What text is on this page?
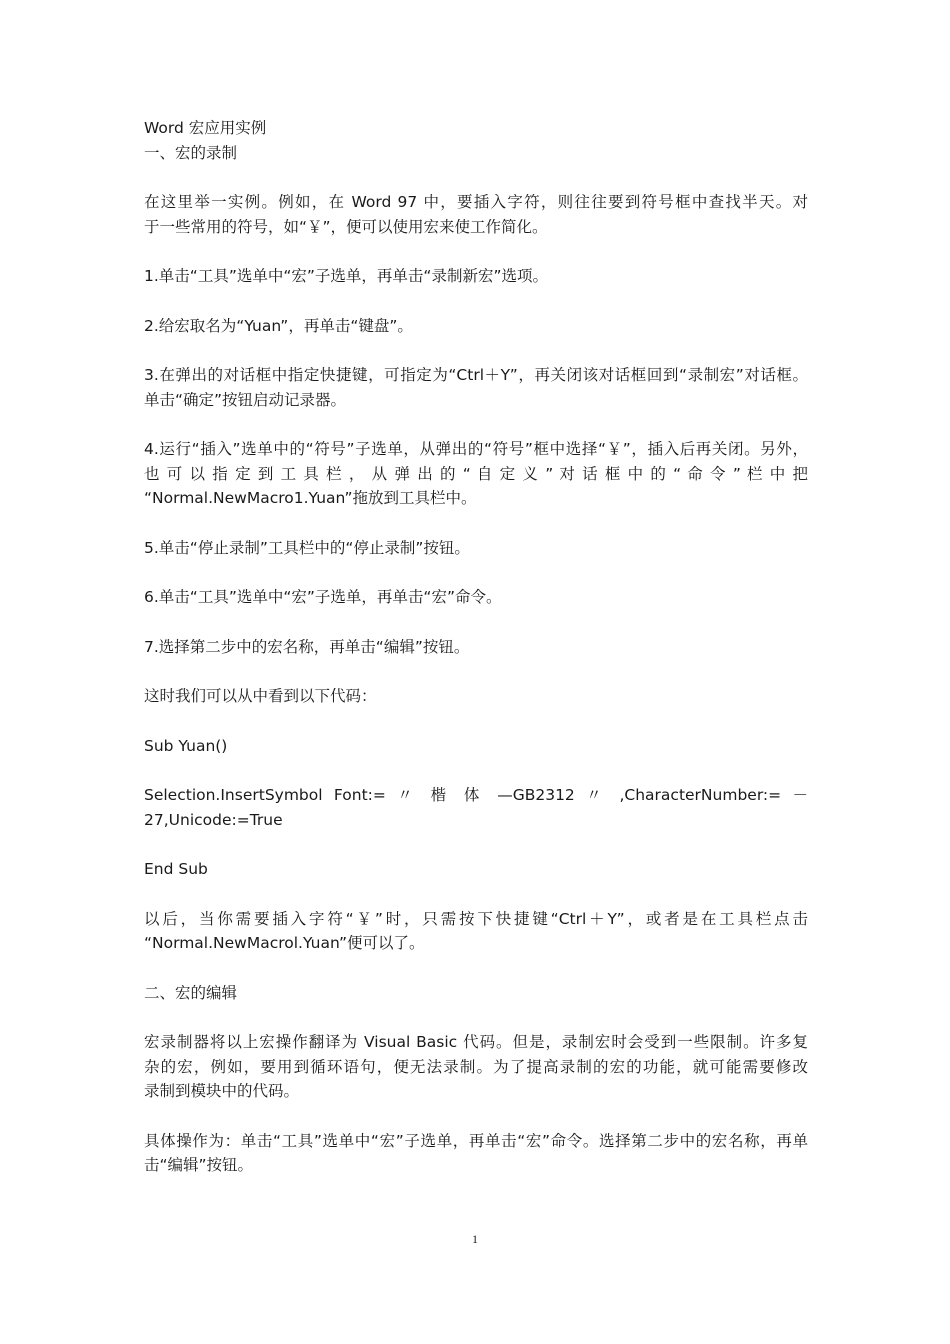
Word 宏应用实例
一、宏的录制
在这里举一实例。例如，在 Word 97 中，要插入字符，则往往要到符号框中查找半天。对
于一些常用的符号，如“￥”，便可以使用宏来使工作简化。
1.单击“工具”选单中“宏”子选单，再单击“录制新宏”选项。
2.给宏取名为“Yuan”，再单击“键盘”。
3.在弹出的对话框中指定快捷键，可指定为“Ctrl＋Y”，再关闭该对话框回到“录制宏”对话框。
单击“确定”按钮启动记录器。
4.运行“插入”选单中的“符号”子选单，从弹出的“符号”框中选择“￥”，插入后再关闭。另外，
也 可 以 指 定 到 工 具 栏 ， 从 弹 出 的 “ 自 定 义 ” 对 话 框 中 的 “ 命 令 ” 栏 中 把
“Normal.NewMacro1.Yuan”拖放到工具栏中。
5.单击“停止录制”工具栏中的“停止录制”按钮。
6.单击“工具”选单中“宏”子选单，再单击“宏”命令。
7.选择第二步中的宏名称，再单击“编辑”按钮。
这时我们可以从中看到以下代码：
Sub Yuan()
Selection.InsertSymbol Font:= 〃 楷 体 —GB2312 〃 ,CharacterNumber:= －
27,Unicode:=True
End Sub
以后，当你需要插入字符“￥”时，只需按下快捷键“Ctrl＋Y”，或者是在工具栏点击
“Normal.NewMacrol.Yuan”便可以了。
二、宏的编辑
宏录制器将以上宏操作翻译为 Visual Basic 代码。但是，录制宏时会受到一些限制。许多复
杂的宏，例如，要用到循环语句，便无法录制。为了提高录制的宏的功能，就可能需要修改
录制到模块中的代码。
具体操作为：单击“工具”选单中“宏”子选单，再单击“宏”命令。选择第二步中的宏名称，再单
击“编辑”按钮。
1
